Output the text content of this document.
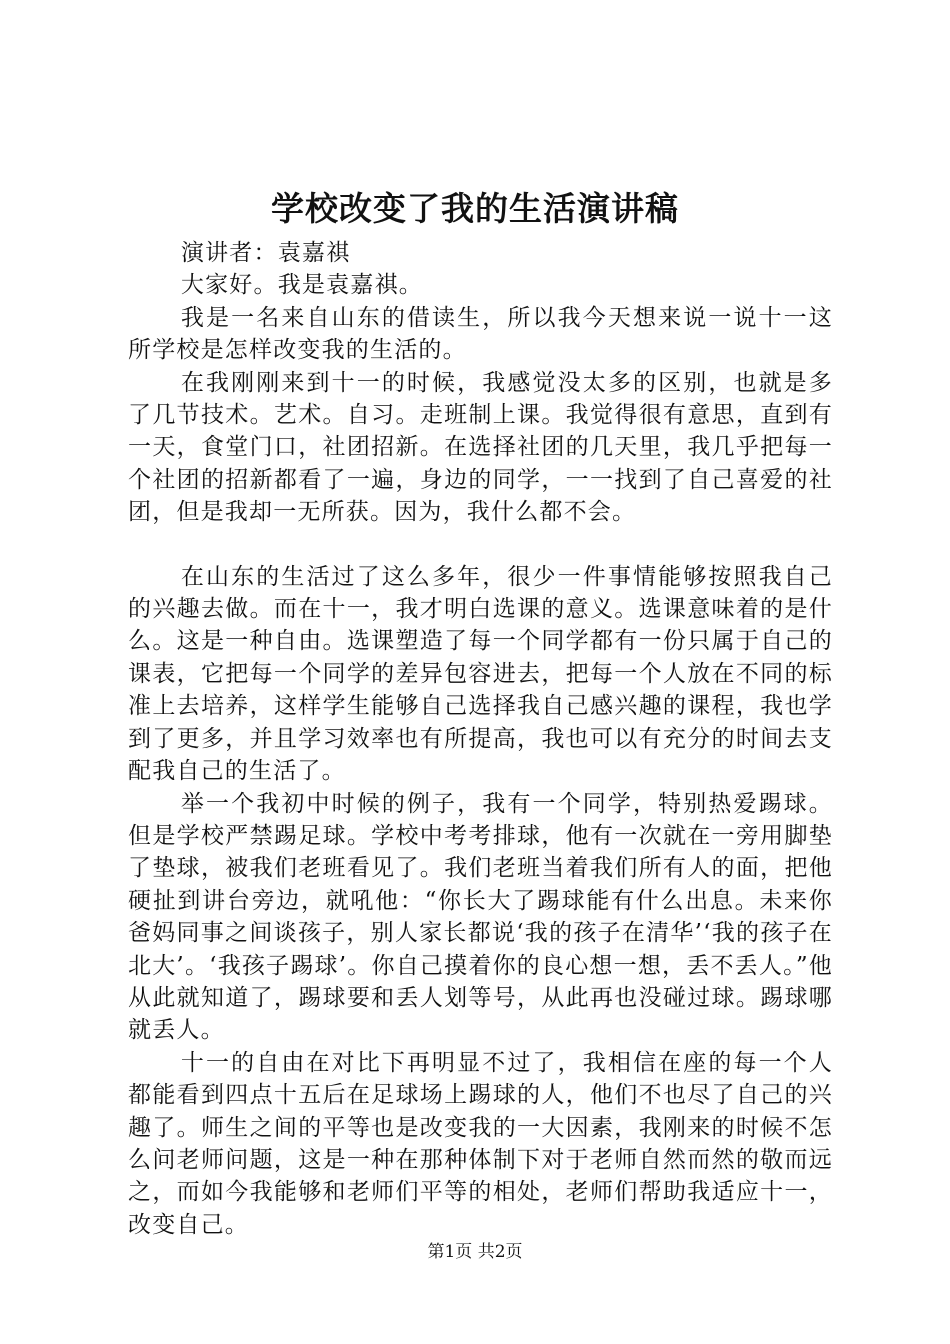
学校改变了我的生活演讲稿

演讲者：袁嘉祺

大家好。我是袁嘉祺。

我是一名来自山东的借读生，所以我今天想来说一说十一这所学校是怎样改变我的生活的。

在我刚刚来到十一的时候，我感觉没太多的区别，也就是多了几节技术。艺术。自习。走班制上课。我觉得很有意思，直到有一天，食堂门口，社团招新。在选择社团的几天里，我几乎把每一个社团的招新都看了一遍，身边的同学，一一找到了自己喜爱的社团，但是我却一无所获。因为，我什么都不会。

在山东的生活过了这么多年，很少一件事情能够按照我自己的兴趣去做。而在十一，我才明白选课的意义。选课意味着的是什么。这是一种自由。选课塑造了每一个同学都有一份只属于自己的课表，它把每一个同学的差异包容进去，把每一个人放在不同的标准上去培养，这样学生能够自己选择我自己感兴趣的课程，我也学到了更多，并且学习效率也有所提高，我也可以有充分的时间去支配我自己的生活了。

举一个我初中时候的例子，我有一个同学，特别热爱踢球。但是学校严禁踢足球。学校中考考排球，他有一次就在一旁用脚垫了垫球，被我们老班看见了。我们老班当着我们所有人的面，把他硬扯到讲台旁边，就吼他：“你长大了踢球能有什么出息。未来你爸妈同事之间谈孩子，别人家长都说‘我的孩子在清华’‘我的孩子在北大’。‘我孩子踢球’。你自己摸着你的良心想一想，丢不丢人。”他从此就知道了，踢球要和丢人划等号，从此再也没碰过球。踢球哪就丢人。

十一的自由在对比下再明显不过了，我相信在座的每一个人都能看到四点十五后在足球场上踢球的人，他们不也尽了自己的兴趣了。师生之间的平等也是改变我的一大因素，我刚来的时候不怎么问老师问题，这是一种在那种体制下对于老师自然而然的敬而远之，而如今我能够和老师们平等的相处，老师们帮助我适应十一，改变自己。

第1页 共2页
